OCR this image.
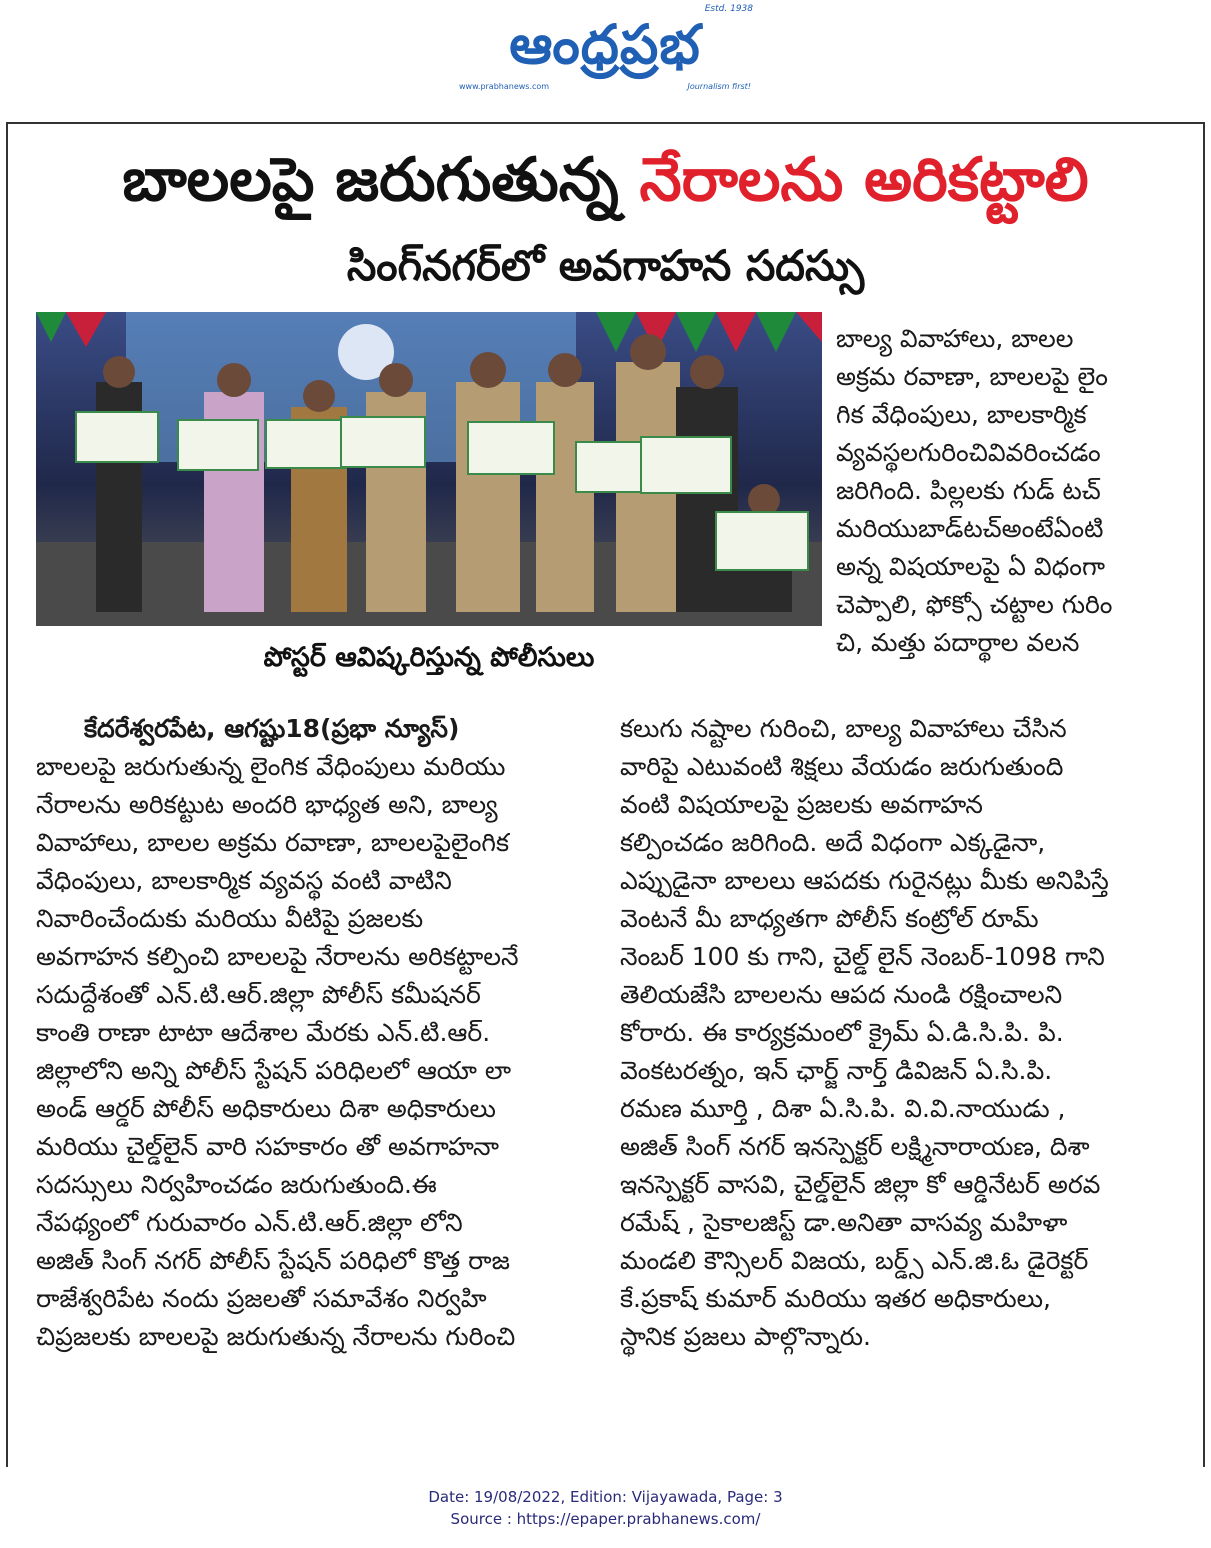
ఆంధ్రప్రభ
Estd. 1938
www.prabhanews.com	Journalism first!
బాలలపై జరుగుతున్న నేరాలను అరికట్టాలి
సింగ్‌నగర్‌లో అవగాహన సదస్సు
పోస్టర్ ఆవిష్కరిస్తున్న పోలీసులు
బాల్య వివాహాలు, బాలల
అక్రమ రవాణా, బాలలపై లైం
గిక వేధింపులు, బాలకార్మిక
వ్యవస్థలగురించివివరించడం
జరిగింది. పిల్లలకు గుడ్ టచ్
మరియుబాడ్‌టచ్అంటేఏంటి
అన్న విషయాలపై ఏ విధంగా
చెప్పాలి, ఫోక్సో చట్టాల గురిం
చి, మత్తు పదార్థాల వలన
కేదరేశ్వరపేట, ఆగష్టు18(ప్రభా న్యూస్)
బాలలపై జరుగుతున్న లైంగిక వేధింపులు మరియు
నేరాలను అరికట్టుట అందరి భాధ్యత అని, బాల్య
వివాహాలు, బాలల అక్రమ రవాణా, బాలలపైలైంగిక
వేధింపులు, బాలకార్మిక వ్యవస్థ వంటి వాటిని
నివారించేందుకు మరియు వీటిపై ప్రజలకు
అవగాహన కల్పించి బాలలపై నేరాలను అరికట్టాలనే
సదుద్దేశంతో ఎన్.టి.ఆర్.జిల్లా పోలీస్ కమీషనర్
కాంతి రాణా టాటా ఆదేశాల మేరకు ఎన్.టి.ఆర్.
జిల్లాలోని అన్ని పోలీస్ స్టేషన్ పరిధిలలో ఆయా లా
అండ్ ఆర్డర్ పోలీస్ అధికారులు దిశా అధికారులు
మరియు చైల్డ్‌లైన్ వారి సహకారం తో అవగాహనా
సదస్సులు నిర్వహించడం జరుగుతుంది.ఈ
నేపథ్యంలో గురువారం ఎన్.టి.ఆర్.జిల్లా లోని
అజిత్ సింగ్ నగర్ పోలీస్ స్టేషన్ పరిధిలో కొత్త రాజ
రాజేశ్వరిపేట నందు ప్రజలతో సమావేశం నిర్వహి
చిప్రజలకు బాలలపై జరుగుతున్న నేరాలను గురించి
కలుగు నష్టాల గురించి, బాల్య వివాహాలు చేసిన
వారిపై ఎటువంటి శిక్షలు వేయడం జరుగుతుంది
వంటి విషయాలపై ప్రజలకు అవగాహన
కల్పించడం జరిగింది. అదే విధంగా ఎక్కడైనా,
ఎప్పుడైనా బాలలు ఆపదకు గురైనట్లు మీకు అనిపిస్తే
వెంటనే మీ బాధ్యతగా పోలీస్ కంట్రోల్ రూమ్
నెంబర్ 100 కు గాని, చైల్డ్ లైన్ నెంబర్-1098 గాని
తెలియజేసి బాలలను ఆపద నుండి రక్షించాలని
కోరారు. ఈ కార్యక్రమంలో క్రైమ్ ఏ.డి.సి.పి. పి.
వెంకటరత్నం, ఇన్ ఛార్జ్ నార్త్ డివిజన్ ఏ.సి.పి.
రమణ మూర్తి , దిశా ఏ.సి.పి. వి.వి.నాయుడు ,
అజిత్ సింగ్ నగర్ ఇనస్పెక్టర్ లక్ష్మినారాయణ, దిశా
ఇనస్పెక్టర్ వాసవి, చైల్డ్‌లైన్ జిల్లా కో ఆర్డినేటర్ అరవ
రమేష్ , సైకాలజిస్ట్ డా.అనితా వాసవ్య మహిళా
మండలి కౌన్సిలర్ విజయ, బర్డ్స్ ఎన్.జి.ఓ డైరెక్టర్
కే.ప్రకాష్ కుమార్ మరియు ఇతర అధికారులు,
స్థానిక ప్రజలు పాల్గొన్నారు.
Date: 19/08/2022, Edition: Vijayawada, Page: 3
Source : https://epaper.prabhanews.com/
